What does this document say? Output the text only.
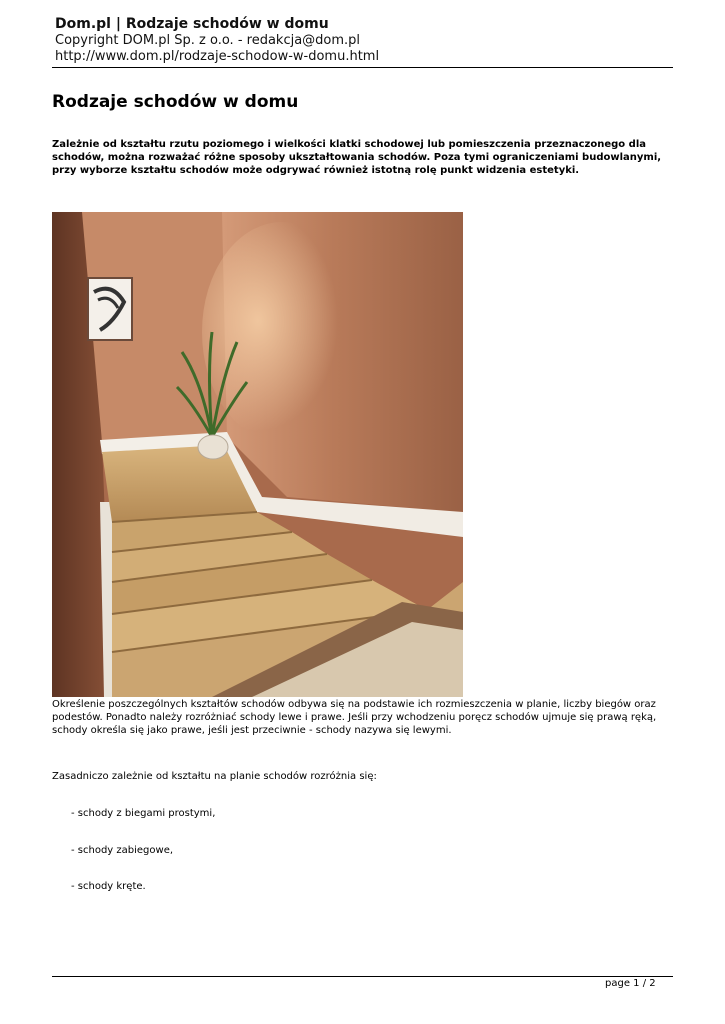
Dom.pl | Rodzaje schodów w domu
Copyright DOM.pl Sp. z o.o. - redakcja@dom.pl
http://www.dom.pl/rodzaje-schodow-w-domu.html
Rodzaje schodów w domu

Zależnie od kształtu rzutu poziomego i wielkości klatki schodowej lub pomieszczenia przeznaczonego dla schodów, można rozważać różne sposoby ukształtowania schodów. Poza tymi ograniczeniami budowlanymi, przy wyborze kształtu schodów może odgrywać również istotną rolę punkt widzenia estetyki.

Określenie poszczególnych kształtów schodów odbywa się na podstawie ich rozmieszczenia w planie, liczby biegów oraz podestów. Ponadto należy rozróżniać schody lewe i prawe. Jeśli przy wchodzeniu poręcz schodów ujmuje się prawą ręką, schody określa się jako prawe, jeśli jest przeciwnie - schody nazywa się lewymi.

Zasadniczo zależnie od kształtu na planie schodów rozróżnia się:

- schody z biegami prostymi,
- schody zabiegowe,
- schody kręte.
page 1 / 2
